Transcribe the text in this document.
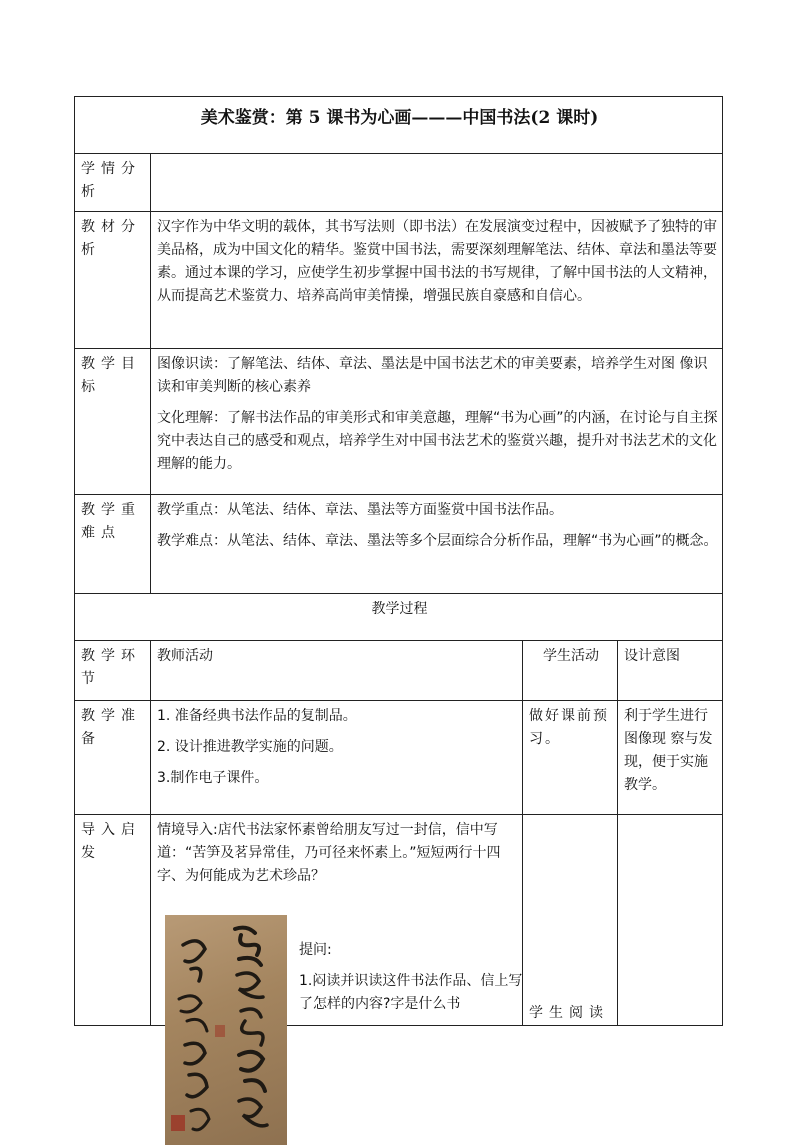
美术鉴赏：第 5 课书为心画———中国书法(2 课时)			
学情分析			
教材分析	汉字作为中华文明的载体，其书写法则（即书法）在发展演变过程中，因被赋予了独特的审美品格，成为中国文化的精华。鉴赏中国书法，需要深刻理解笔法、结体、章法和墨法等要素。通过本课的学习，应使学生初步掌握中国书法的书写规律，了解中国书法的人文精神，从而提高艺术鉴赏力、培养高尚审美情操，增强民族自豪感和自信心。		
教学目标	图像识读：了解笔法、结体、章法、墨法是中国书法艺术的审美要素，培养学生对图 像识读和审美判断的核心素养

文化理解：了解书法作品的审美形式和审美意趣，理解“书为心画”的内涵，在讨论与自主探究中表达自己的感受和观点，培养学生对中国书法艺术的鉴赏兴趣，提升对书法艺术的文化理解的能力。		

教学重难点	教学重点：从笔法、结体、章法、墨法等方面鉴赏中国书法作品。

教学难点：从笔法、结体、章法、墨法等多个层面综合分析作品，理解“书为心画”的概念。		

教学过程			
教学环节	教师活动	学生活动	设计意图
教学准备	1. 准备经典书法作品的复制品。

2. 设计推进教学实施的问题。

3.制作电子课件。	做好课前预习。	利于学生进行图像现 察与发现，便于实施教学。
导入启发	情境导入:店代书法家怀素曾给朋友写过一封信，信中写道：“苦笋及茗异常佳，乃可径来怀素上。”短短两行十四字、为何能成为艺术珍品？

提问:

1.闷读并识读这件书法作品、信上写了怎样的内容?字是什么书	学生阅读	
